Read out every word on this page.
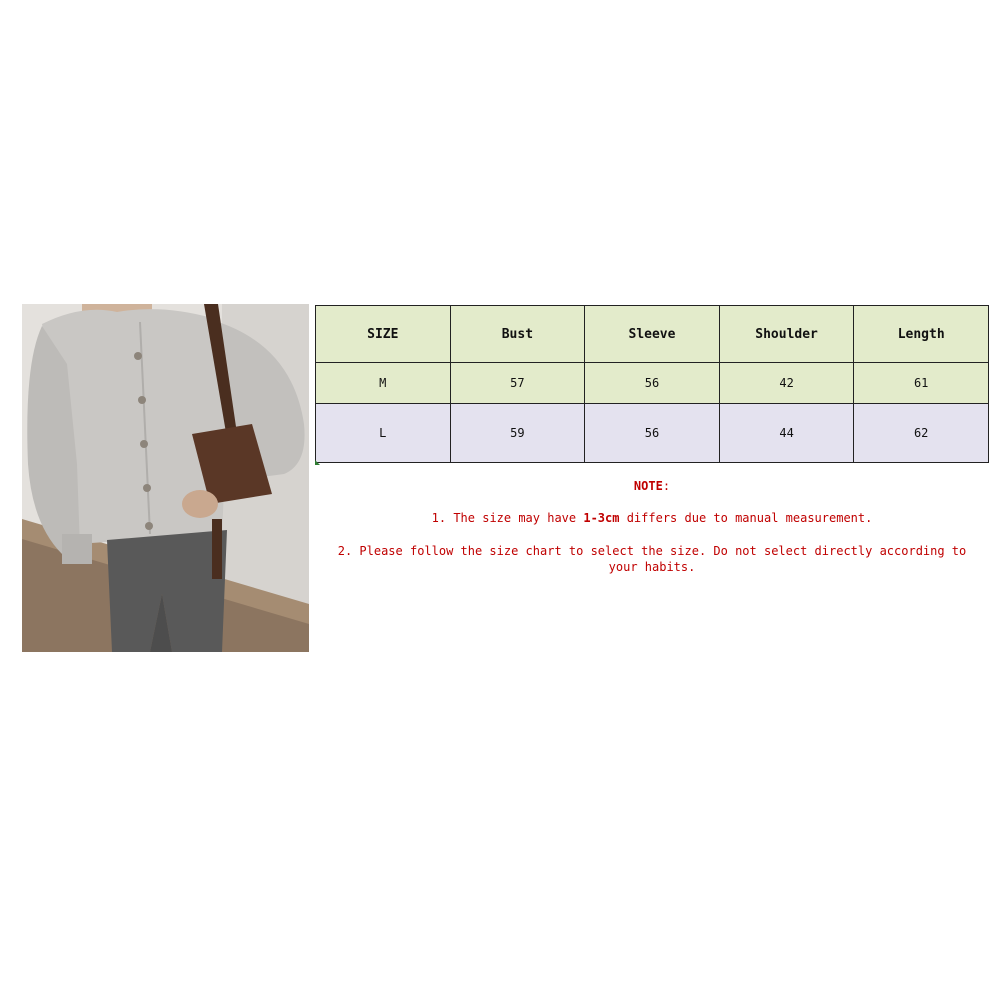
SIZE	Bust	Sleeve	Shoulder	Length
M	57	56	42	61
L	59	56	44	62
NOTE:
1. The size may have 1-3cm differs due to manual measurement.
2. Please follow the size chart to select the size. Do not select directly according to your habits.
